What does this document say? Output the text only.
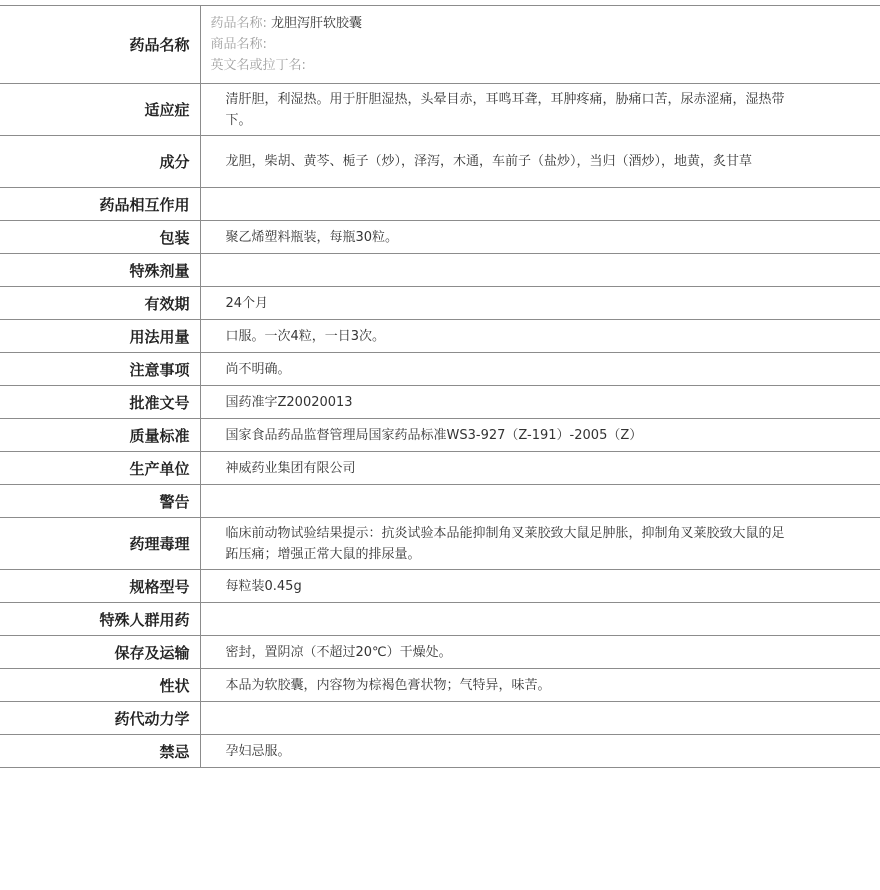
药品名称	药品名称: 龙胆泻肝软胶囊
商品名称:
英文名或拉丁名:

适应症	清肝胆，利湿热。用于肝胆湿热，头晕目赤，耳鸣耳聋，耳肿疼痛，胁痛口苦，尿赤涩痛，湿热带下。
成分	龙胆，柴胡、黄芩、栀子（炒），泽泻，木通，车前子（盐炒），当归（酒炒），地黄，炙甘草
药品相互作用	
包装	聚乙烯塑料瓶装，每瓶30粒。
特殊剂量	
有效期	24个月
用法用量	口服。一次4粒，一日3次。
注意事项	尚不明确。
批准文号	国药准字Z20020013
质量标准	国家食品药品监督管理局国家药品标准WS3-927（Z-191）-2005（Z）
生产单位	神威药业集团有限公司
警告	
药理毒理	临床前动物试验结果提示：抗炎试验本品能抑制角叉莱胶致大鼠足肿胀，抑制角叉莱胶致大鼠的足跖压痛；增强正常大鼠的排尿量。
规格型号	每粒装0.45g
特殊人群用药	
保存及运输	密封，置阴凉（不超过20℃）干燥处。
性状	本品为软胶囊，内容物为棕褐色膏状物；气特异，味苦。
药代动力学	
禁忌	孕妇忌服。
